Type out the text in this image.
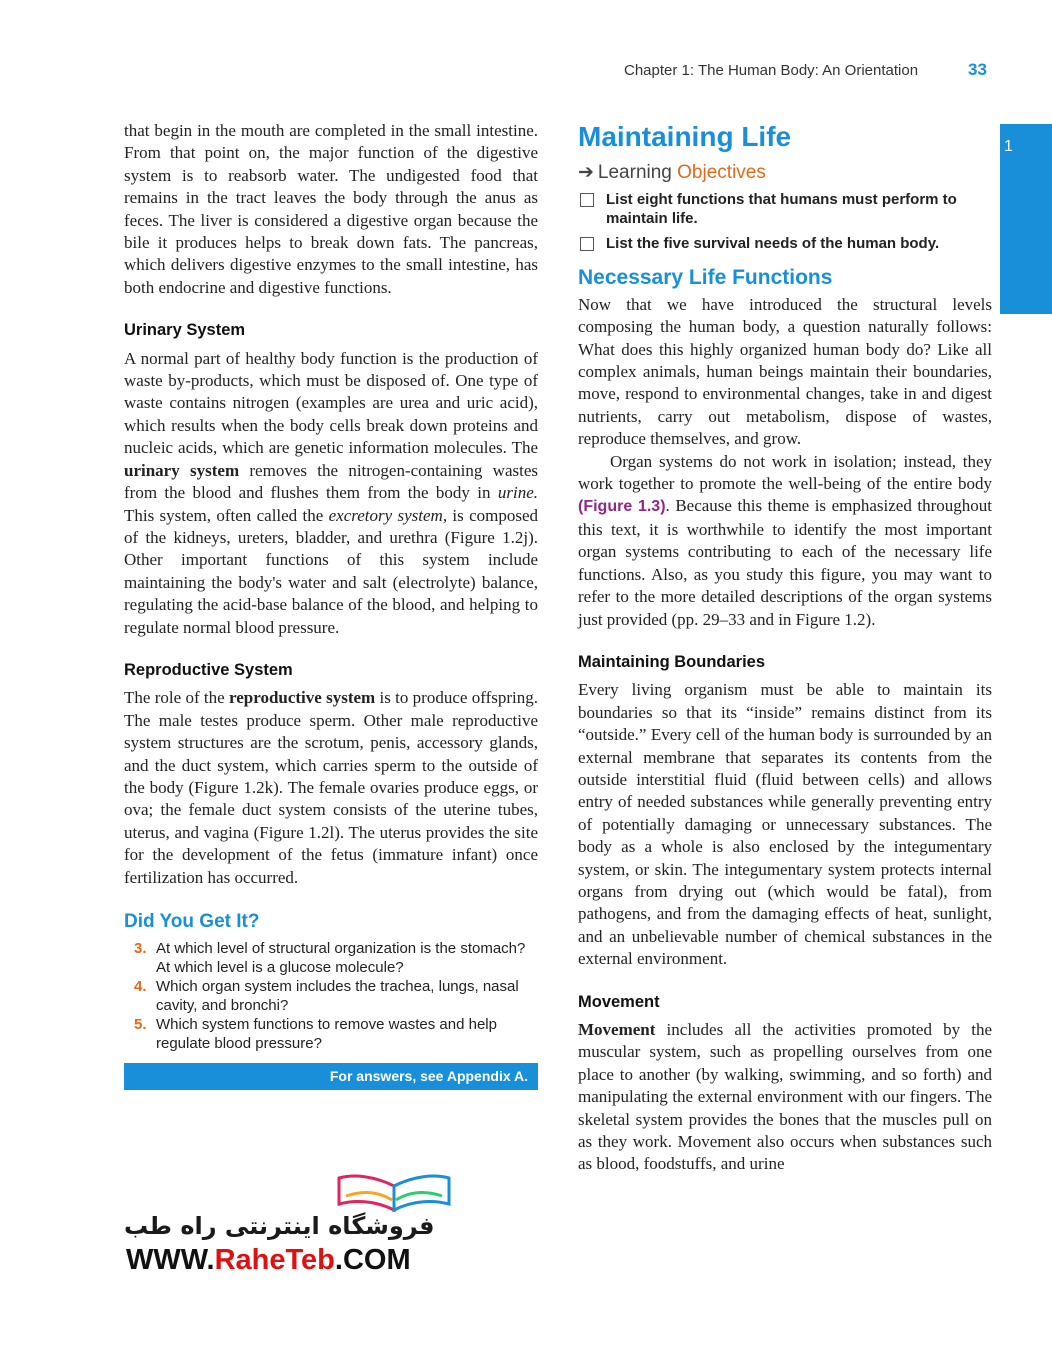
Chapter 1: The Human Body: An Orientation	33
1

that begin in the mouth are completed in the small intestine. From that point on, the major function of the digestive system is to reabsorb water. The undigested food that remains in the tract leaves the body through the anus as feces. The liver is considered a digestive organ because the bile it produces helps to break down fats. The pancreas, which delivers digestive enzymes to the small intestine, has both endocrine and digestive functions.

Urinary System

A normal part of healthy body function is the production of waste by-products, which must be disposed of. One type of waste contains nitrogen (examples are urea and uric acid), which results when the body cells break down proteins and nucleic acids, which are genetic information molecules. The urinary system removes the nitrogen-containing wastes from the blood and flushes them from the body in urine. This system, often called the excretory system, is composed of the kidneys, ureters, bladder, and urethra (Figure 1.2j). Other important functions of this system include maintaining the body's water and salt (electrolyte) balance, regulating the acid-base balance of the blood, and helping to regulate normal blood pressure.

Reproductive System

The role of the reproductive system is to produce offspring. The male testes produce sperm. Other male reproductive system structures are the scrotum, penis, accessory glands, and the duct system, which carries sperm to the outside of the body (Figure 1.2k). The female ovaries produce eggs, or ova; the female duct system consists of the uterine tubes, uterus, and vagina (Figure 1.2l). The uterus provides the site for the development of the fetus (immature infant) once fertilization has occurred.

Did You Get It?
3. At which level of structural organization is the stomach? At which level is a glucose molecule?
4. Which organ system includes the trachea, lungs, nasal cavity, and bronchi?
5. Which system functions to remove wastes and help regulate blood pressure?
For answers, see Appendix A.
فروشگاه اینترنتی راه طب
WWW.RaheTeb.COM
Maintaining Life
➔ Learning Objectives
List eight functions that humans must perform to maintain life.
List the five survival needs of the human body.
Necessary Life Functions

Now that we have introduced the structural levels composing the human body, a question naturally follows: What does this highly organized human body do? Like all complex animals, human beings maintain their boundaries, move, respond to environmental changes, take in and digest nutrients, carry out metabolism, dispose of wastes, reproduce themselves, and grow.

Organ systems do not work in isolation; instead, they work together to promote the well-being of the entire body (Figure 1.3). Because this theme is emphasized throughout this text, it is worthwhile to identify the most important organ systems contributing to each of the necessary life functions. Also, as you study this figure, you may want to refer to the more detailed descriptions of the organ systems just provided (pp. 29–33 and in Figure 1.2).

Maintaining Boundaries

Every living organism must be able to maintain its boundaries so that its “inside” remains distinct from its “outside.” Every cell of the human body is surrounded by an external membrane that separates its contents from the outside interstitial fluid (fluid between cells) and allows entry of needed substances while generally preventing entry of potentially damaging or unnecessary substances. The body as a whole is also enclosed by the integumentary system, or skin. The integumentary system protects internal organs from drying out (which would be fatal), from pathogens, and from the damaging effects of heat, sunlight, and an unbelievable number of chemical substances in the external environment.

Movement

Movement includes all the activities promoted by the muscular system, such as propelling ourselves from one place to another (by walking, swimming, and so forth) and manipulating the external environment with our fingers. The skeletal system provides the bones that the muscles pull on as they work. Movement also occurs when substances such as blood, foodstuffs, and urine
